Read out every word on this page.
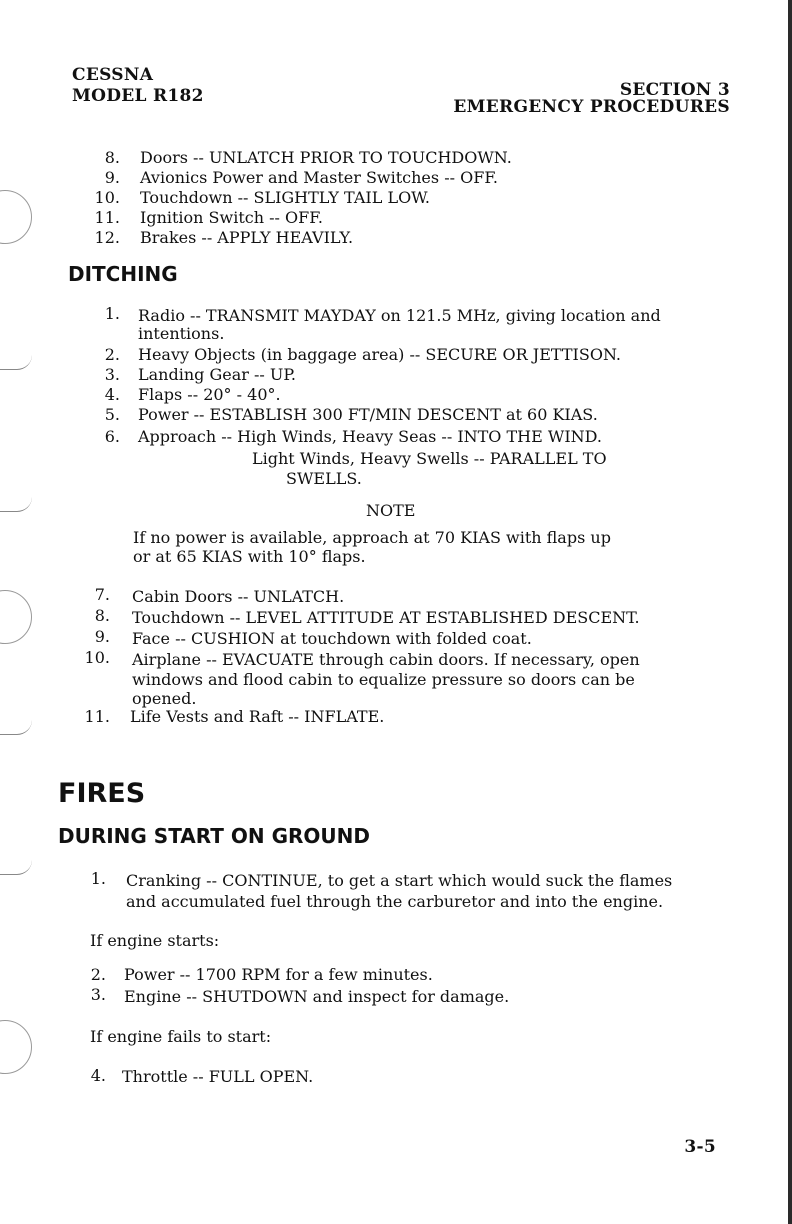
CESSNA
MODEL R182	SECTION 3
EMERGENCY PROCEDURES
8. Doors -- UNLATCH PRIOR TO TOUCHDOWN.
9. Avionics Power and Master Switches -- OFF.
10. Touchdown -- SLIGHTLY TAIL LOW.
11. Ignition Switch -- OFF.
12. Brakes -- APPLY HEAVILY.
DITCHING
1. Radio -- TRANSMIT MAYDAY on 121.5 MHz, giving location and
intentions.
2. Heavy Objects (in baggage area) -- SECURE OR JETTISON.
3. Landing Gear -- UP.
4. Flaps -- 20° - 40°.
5. Power -- ESTABLISH 300 FT/MIN DESCENT at 60 KIAS.
6. Approach -- High Winds, Heavy Seas -- INTO THE WIND.
Light Winds, Heavy Swells -- PARALLEL TO
SWELLS.
NOTE
If no power is available, approach at 70 KIAS with flaps up
or at 65 KIAS with 10° flaps.
7. Cabin Doors -- UNLATCH.
8. Touchdown -- LEVEL ATTITUDE AT ESTABLISHED DESCENT.
9. Face -- CUSHION at touchdown with folded coat.
10. Airplane -- EVACUATE through cabin doors. If necessary, open
windows and flood cabin to equalize pressure so doors can be
opened.
11. Life Vests and Raft -- INFLATE.
FIRES
DURING START ON GROUND
1. Cranking -- CONTINUE, to get a start which would suck the flames
and accumulated fuel through the carburetor and into the engine.
If engine starts:
2. Power -- 1700 RPM for a few minutes.
3. Engine -- SHUTDOWN and inspect for damage.
If engine fails to start:
4. Throttle -- FULL OPEN.
3-5
